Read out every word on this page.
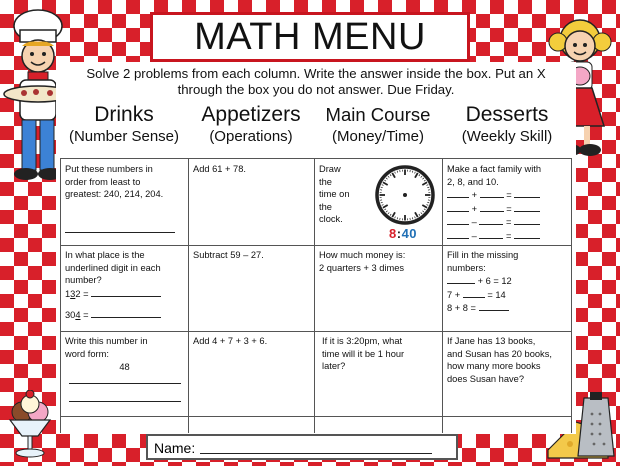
MATH MENU
Solve 2 problems from each column. Write the answer inside the box. Put an X
through the box you do not answer. Due Friday.
Drinks
(Number Sense)
Appetizers
(Operations)
Main Course
(Money/Time)
Desserts
(Weekly Skill)
Put these numbers in
order from least to
greatest: 240, 214, 204.
Add 61 + 78.	Draw
the
time on
the
clock.
8:40
Make a fact family with
2, 8, and 10.
+	=
+	=
–	=
–	=
In what place is the
underlined digit in each
number?
132 =
304 =
Subtract 59 – 27.	How much money is:
2 quarters + 3 dimes
Fill in the missing
numbers:
+ 6 = 12
7 +	= 14
8 + 8 =
Write this number in
word form:
48
Add 4 + 7 + 3 + 6.	If it is 3:20pm, what
time will it be 1 hour
later?
If Jane has 13 books,
and Susan has 20 books,
how many more books
does Susan have?
Name:
